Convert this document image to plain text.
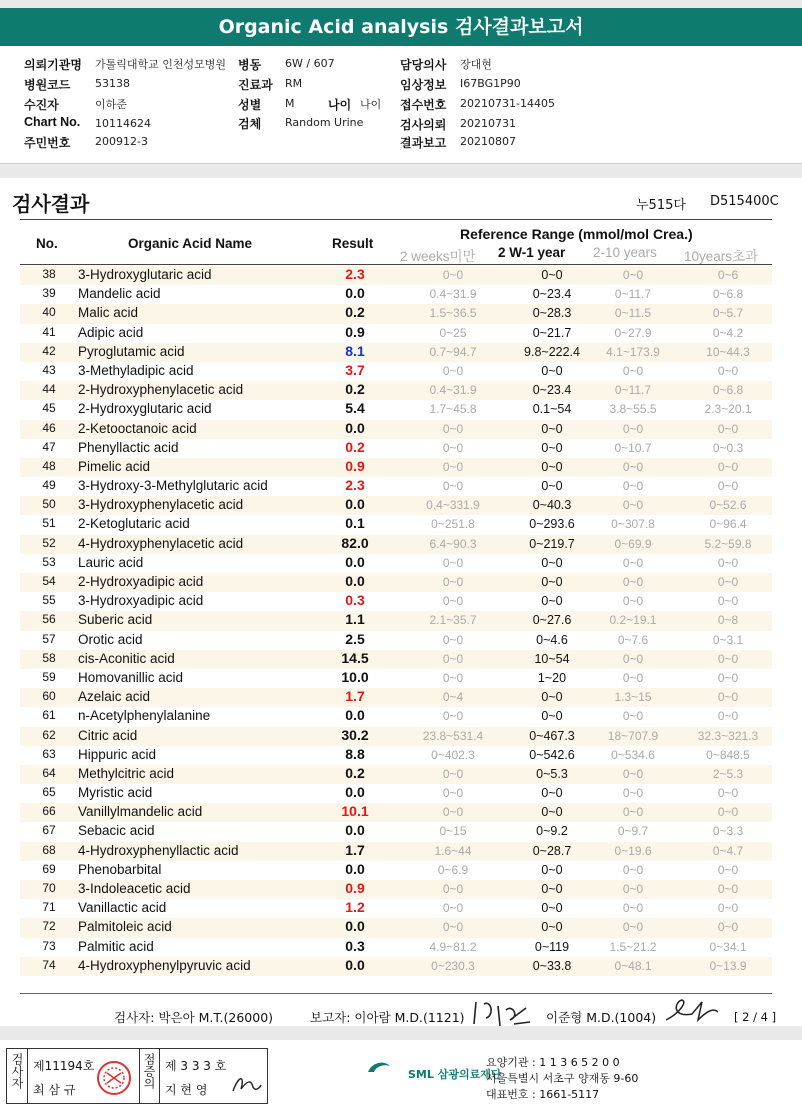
Organic Acid analysis 검사결과보고서
의뢰기관명 가톨릭대학교 인천성모병원 병동 6W / 607	담당의사 장대현
병원코드 53138	진료과 RM	임상정보 I67BG1P90
수진자	이하준	성별 M	나이 나이 접수번호 20210731-14405
Chart No. 10114624	검체 Random Urine	검사의뢰 20210731
주민번호 200912-3	결과보고 20210807
검사결과	누515다 D515400C
No.	Organic Acid Name	Result
Reference Range (mmol/mol Crea.)
2 weeks미만 2 W-1 year 2-10 years 10years초과
38	3-Hydroxyglutaric acid	2.3	0~0	0~0	0~0	0~6
39	Mandelic acid	0.0	0.4~31.9	0~23.4	0~11.7	0~6.8
40	Malic acid	0.2	1.5~36.5	0~28.3	0~11.5	0~5.7
41	Adipic acid	0.9	0~25	0~21.7	0~27.9	0~4.2
42	Pyroglutamic acid	8.1	0.7~94.7	9.8~222.4	4.1~173.9	10~44.3
43	3-Methyladipic acid	3.7	0~0	0~0	0~0	0~0
44	2-Hydroxyphenylacetic acid	0.2	0.4~31.9	0~23.4	0~11.7	0~6.8
45	2-Hydroxyglutaric acid	5.4	1.7~45.8	0.1~54	3.8~55.5	2.3~20.1
46	2-Ketooctanoic acid	0.0	0~0	0~0	0~0	0~0
47	Phenyllactic acid	0.2	0~0	0~0	0~10.7	0~0.3
48	Pimelic acid	0.9	0~0	0~0	0~0	0~0
49	3-Hydroxy-3-Methylglutaric acid	2.3	0~0	0~0	0~0	0~0
50	3-Hydroxyphenylacetic acid	0.0	0.4~331.9	0~40.3	0~0	0~52.6
51	2-Ketoglutaric acid	0.1	0~251.8	0~293.6	0~307.8	0~96.4
52	4-Hydroxyphenylacetic acid	82.0	6.4~90.3	0~219.7	0~69.9	5.2~59.8
53	Lauric acid	0.0	0~0	0~0	0~0	0~0
54	2-Hydroxyadipic acid	0.0	0~0	0~0	0~0	0~0
55	3-Hydroxyadipic acid	0.3	0~0	0~0	0~0	0~0
56	Suberic acid	1.1	2.1~35.7	0~27.6	0.2~19.1	0~8
57	Orotic acid	2.5	0~0	0~4.6	0~7.6	0~3.1
58	cis-Aconitic acid	14.5	0~0	10~54	0~0	0~0
59	Homovanillic acid	10.0	0~0	1~20	0~0	0~0
60	Azelaic acid	1.7	0~4	0~0	1.3~15	0~0
61	n-Acetylphenylalanine	0.0	0~0	0~0	0~0	0~0
62	Citric acid	30.2	23.8~531.4	0~467.3	18~707.9	32.3~321.3
63	Hippuric acid	8.8	0~402.3	0~542.6	0~534.6	0~848.5
64	Methylcitric acid	0.2	0~0	0~5.3	0~0	2~5.3
65	Myristic acid	0.0	0~0	0~0	0~0	0~0
66	Vanillylmandelic acid	10.1	0~0	0~0	0~0	0~0
67	Sebacic acid	0.0	0~15	0~9.2	0~9.7	0~3.3
68	4-Hydroxyphenyllactic acid	1.7	1.6~44	0~28.7	0~19.6	0~4.7
69	Phenobarbital	0.0	0~6.9	0~0	0~0	0~0
70	3-Indoleacetic acid	0.9	0~0	0~0	0~0	0~0
71	Vanillactic acid	1.2	0~0	0~0	0~0	0~0
72	Palmitoleic acid	0.0	0~0	0~0	0~0	0~0
73	Palmitic acid	0.3	4.9~81.2	0~119	1.5~21.2	0~34.1
74	4-Hydroxyphenylpyruvic acid	0.0	0~230.3	0~33.8	0~48.1	0~13.9
검사자: 박은아 M.T.(26000)	보고자: 이아람 M.D.(1121)	이준형 M.D.(1004)	[ 2 / 4 ]
검사자 제11194호
최 삼 규
점증의 제 3 3 3 호
지 현 영
SML 삼광의료재단
요양기관 : 1 1 3 6 5 2 0 0
서울특별시 서초구 양재동 9-60
대표번호 : 1661-5117
